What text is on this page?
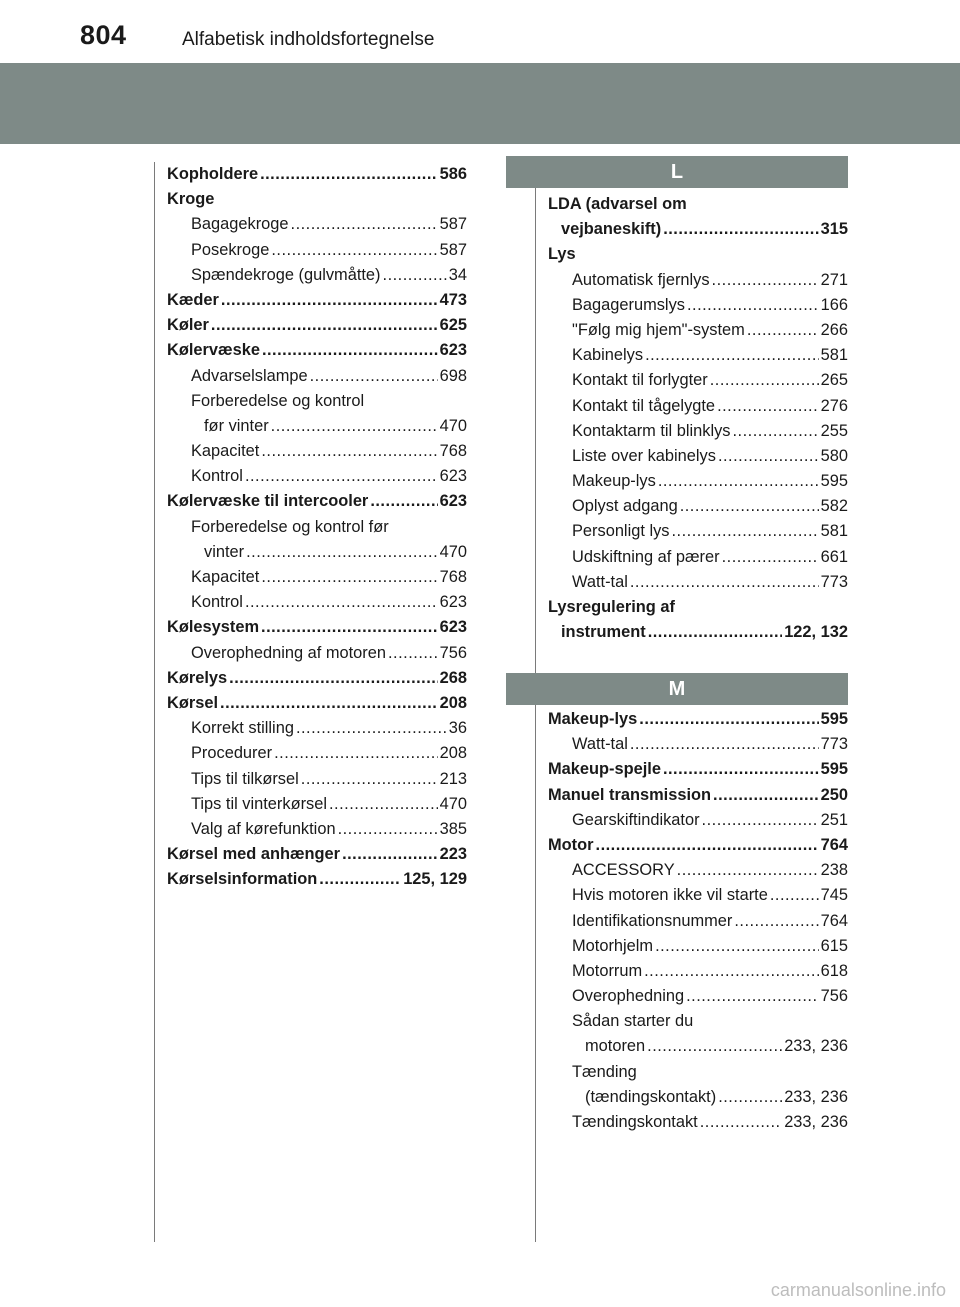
804	Alfabetisk indholdsfortegnelse
Kopholdere .....	586
Kroge
Bagagekroge .....	587
Posekroge .....	587
Spændekroge (gulvmåtte) .....	34
Kæder .....	473
Køler .....	625
Kølervæske .....	623
Advarselslampe .....	698
Forberedelse og kontrol
før vinter .....	470
Kapacitet .....	768
Kontrol .....	623
Kølervæske til intercooler .....	623
Forberedelse og kontrol før
vinter .....	470
Kapacitet .....	768
Kontrol .....	623
Kølesystem .....	623
Overophedning af motoren .....	756
Kørelys .....	268
Kørsel .....	208
Korrekt stilling .....	36
Procedurer .....	208
Tips til tilkørsel .....	213
Tips til vinterkørsel .....	470
Valg af kørefunktion .....	385
Kørsel med anhænger .....	223
Kørselsinformation .....	125, 129
L
LDA (advarsel om
vejbaneskift) .....	315
Lys
Automatisk fjernlys .....	271
Bagagerumslys .....	166
"Følg mig hjem"-system .....	266
Kabinelys .....	581
Kontakt til forlygter .....	265
Kontakt til tågelygte .....	276
Kontaktarm til blinklys .....	255
Liste over kabinelys .....	580
Makeup-lys .....	595
Oplyst adgang .....	582
Personligt lys .....	581
Udskiftning af pærer .....	661
Watt-tal .....	773
Lysregulering af
instrument .....	122, 132
M
Makeup-lys .....	595
Watt-tal .....	773
Makeup-spejle .....	595
Manuel transmission .....	250
Gearskiftindikator .....	251
Motor .....	764
ACCESSORY .....	238
Hvis motoren ikke vil starte .....	745
Identifikationsnummer .....	764
Motorhjelm .....	615
Motorrum .....	618
Overophedning .....	756
Sådan starter du
motoren .....	233, 236
Tænding
(tændingskontakt) .....	233, 236
Tændingskontakt .....	233, 236
carmanualsonline.info
